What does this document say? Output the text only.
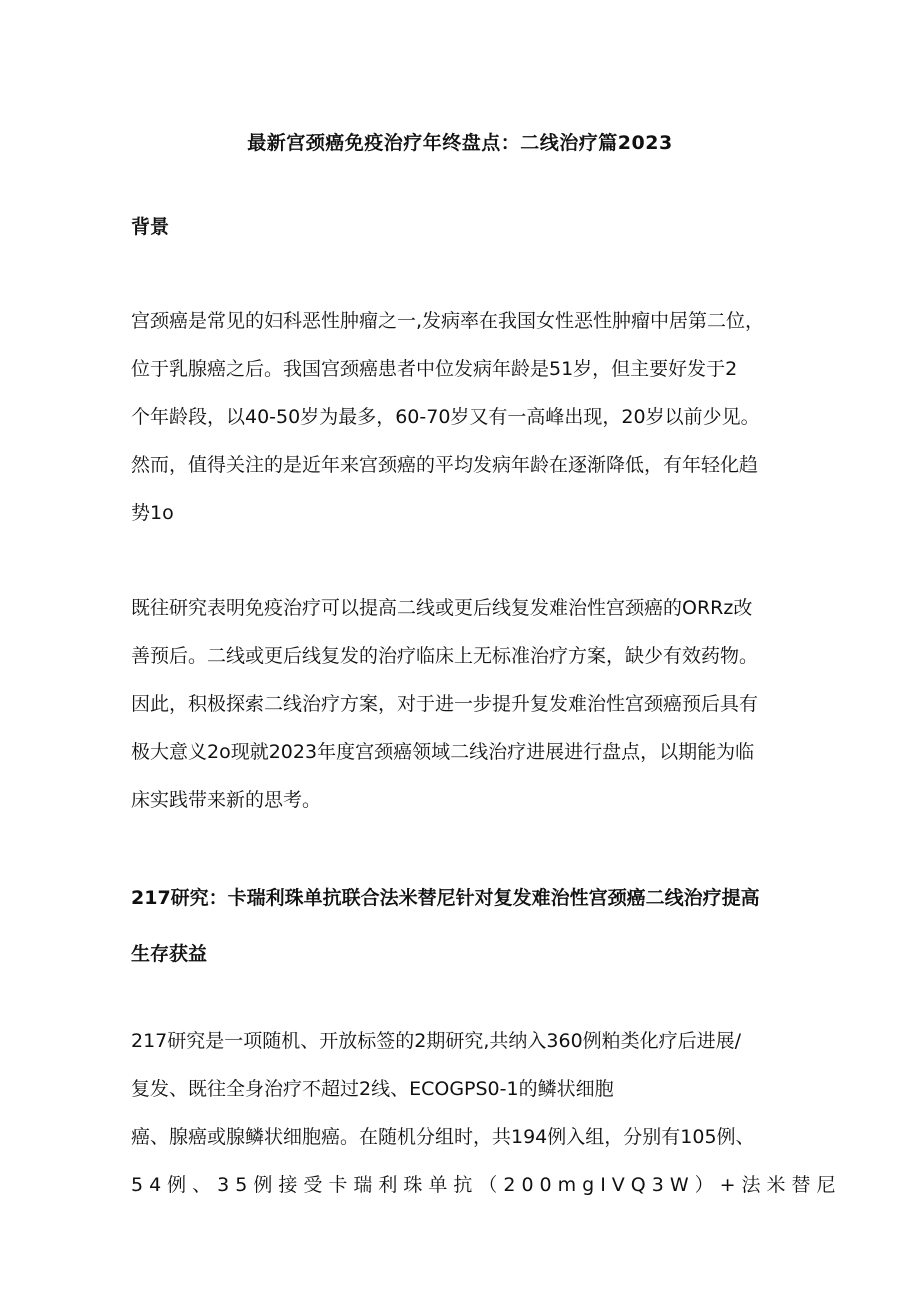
最新宫颈癌免疫治疗年终盘点：二线治疗篇2023
背景
宫颈癌是常见的妇科恶性肿瘤之一,发病率在我国女性恶性肿瘤中居第二位，
位于乳腺癌之后。我国宫颈癌患者中位发病年龄是51岁，但主要好发于2
个年龄段，以40-50岁为最多，60-70岁又有一高峰出现，20岁以前少见。
然而，值得关注的是近年来宫颈癌的平均发病年龄在逐渐降低，有年轻化趋
势1o
既往研究表明免疫治疗可以提高二线或更后线复发难治性宫颈癌的ORRz改
善预后。二线或更后线复发的治疗临床上无标准治疗方案，缺少有效药物。
因此，积极探索二线治疗方案，对于进一步提升复发难治性宫颈癌预后具有
极大意义2o现就2023年度宫颈癌领域二线治疗进展进行盘点，以期能为临
床实践带来新的思考。
217研究：卡瑞利珠单抗联合法米替尼针对复发难治性宫颈癌二线治疗提高
生存获益
217研究是一项随机、开放标签的2期研究,共纳入360例粕类化疗后进展/
复发、既往全身治疗不超过2线、ECOGPS0-1的鳞状细胞
癌、腺癌或腺鳞状细胞癌。在随机分组时，共194例入组，分别有105例、
54例、35例接受卡瑞利珠单抗（200mgIVQ3W）+法米替尼
